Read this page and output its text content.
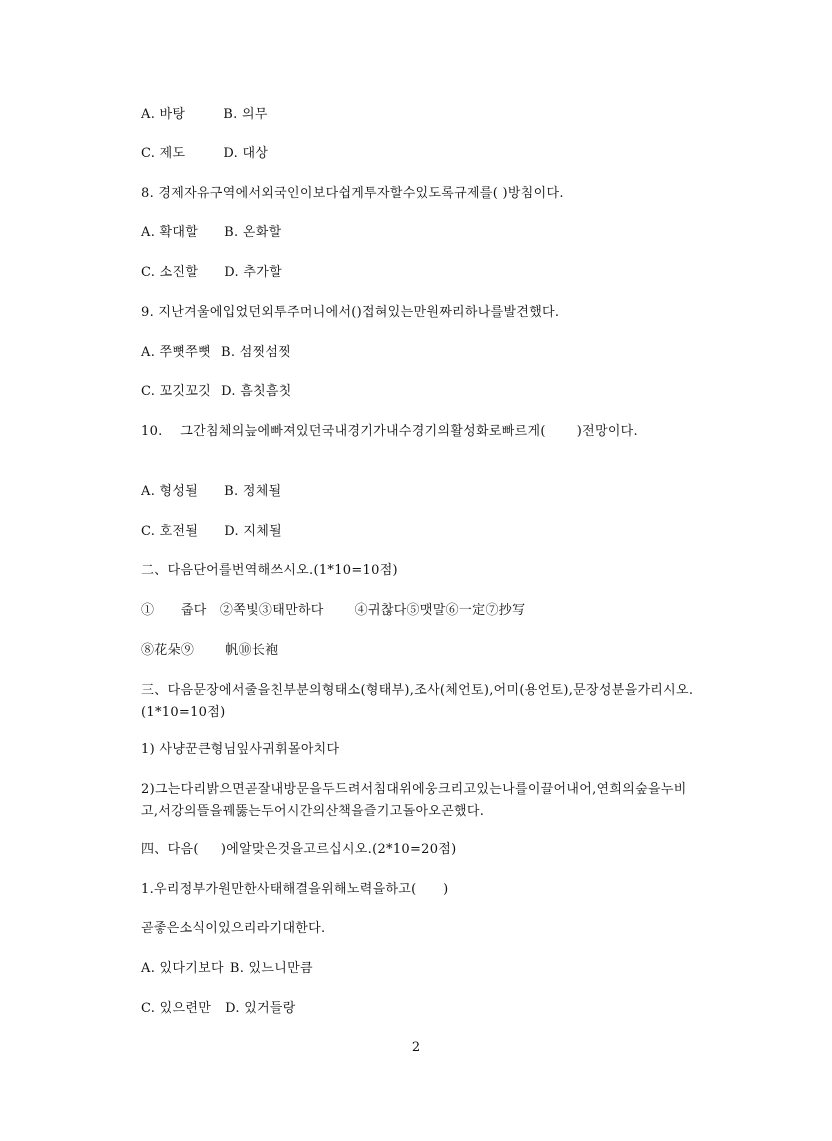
A. 바탕	B. 의무

C. 제도	D. 대상

8. 경제자유구역에서외국인이보다쉽게투자할수있도록규제를( )방침이다.

A. 확대할 B. 온화할

C. 소진할 D. 추가할

9. 지난겨울에입었던외투주머니에서()접혀있는만원짜리하나를발견했다.

A. 쭈뼛쭈뼛 B. 섬찟섬찟

C. 꼬깃꼬깃 D. 흠칫흠칫

10.    그간침체의늪에빠져있던국내경기가내수경기의활성화로빠르게(       )전망이다.

A. 형성될 B. 정체될

C. 호전될 D. 지체될

二、다음단어를번역해쓰시오.(1*10=10점)

①      줍다   ②쪽빛③태만하다       ④귀찮다⑤맷말⑥一定⑦抄写

⑧花朵⑨       帆⑩长袍

三、다음문장에서줄을친부분의형태소(형태부),조사(체언토),어미(용언토),문장성분을가리시오.(1*10=10점)

1) 사냥꾼큰형님잎사귀휘몰아치다

2)그는다리밝으면곧잘내방문을두드려서침대위에웅크리고있는나를이끌어내어,연희의숲을누비고,서강의뜰을꿰뚫는두어시간의산책을즐기고돌아오곤했다.

四、다음(     )에알맞은것을고르십시오.(2*10=20점)

1.우리정부가원만한사태해결을위해노력을하고(      )

곧좋은소식이있으리라기대한다.

A. 있다기보다 B. 있느니만큼

C. 있으련만 D. 있거들랑

2
